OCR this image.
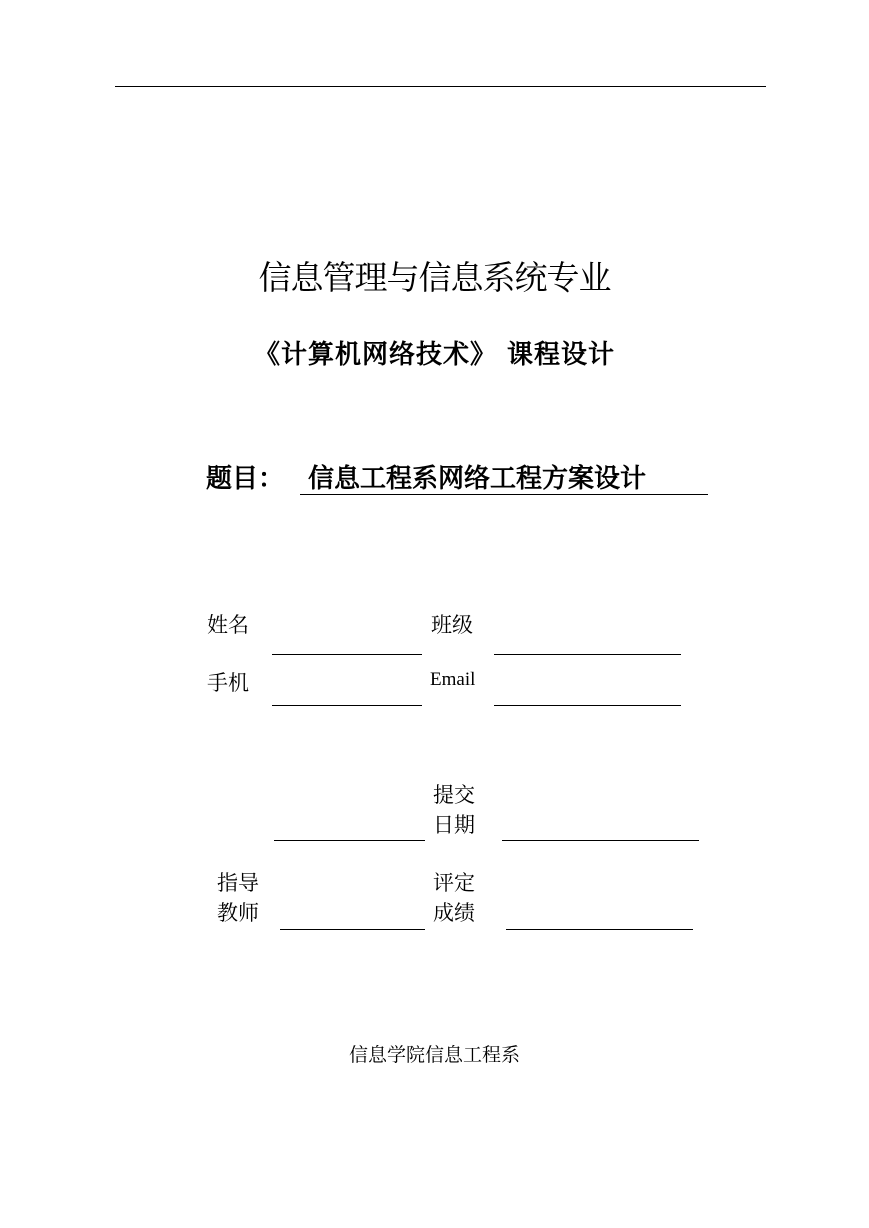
信息管理与信息系统专业
《计算机网络技术》 课程设计
题目： 信息工程系网络工程方案设计
姓名	班级
手机	Email
提交
日期
指导
教师
评定
成绩
信息学院信息工程系
